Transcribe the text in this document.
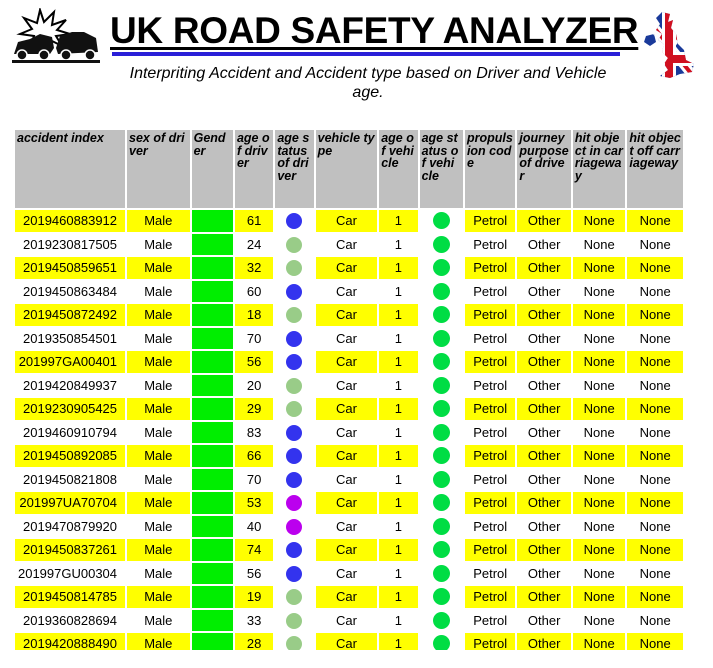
UK ROAD SAFETY ANALYZER
Interpriting Accident and Accident type based on Driver and Vehicle age.
accident index	sex of driver	Gender	age of driver	age status of driver	vehicle type	age of vehicle	age status of vehicle	propulsion code	journey purpose of driver	hit object in carriageway	hit object off carriageway
2019460883912	Male		61		Car	1		Petrol	Other	None	None
2019230817505	Male		24		Car	1		Petrol	Other	None	None
2019450859651	Male		32		Car	1		Petrol	Other	None	None
2019450863484	Male		60		Car	1		Petrol	Other	None	None
2019450872492	Male		18		Car	1		Petrol	Other	None	None
2019350854501	Male		70		Car	1		Petrol	Other	None	None
201997GA00401	Male		56		Car	1		Petrol	Other	None	None
2019420849937	Male		20		Car	1		Petrol	Other	None	None
2019230905425	Male		29		Car	1		Petrol	Other	None	None
2019460910794	Male		83		Car	1		Petrol	Other	None	None
2019450892085	Male		66		Car	1		Petrol	Other	None	None
2019450821808	Male		70		Car	1		Petrol	Other	None	None
201997UA70704	Male		53		Car	1		Petrol	Other	None	None
2019470879920	Male		40		Car	1		Petrol	Other	None	None
2019450837261	Male		74		Car	1		Petrol	Other	None	None
201997GU00304	Male		56		Car	1		Petrol	Other	None	None
2019450814785	Male		19		Car	1		Petrol	Other	None	None
2019360828694	Male		33		Car	1		Petrol	Other	None	None
2019420888490	Male		28		Car	1		Petrol	Other	None	None
